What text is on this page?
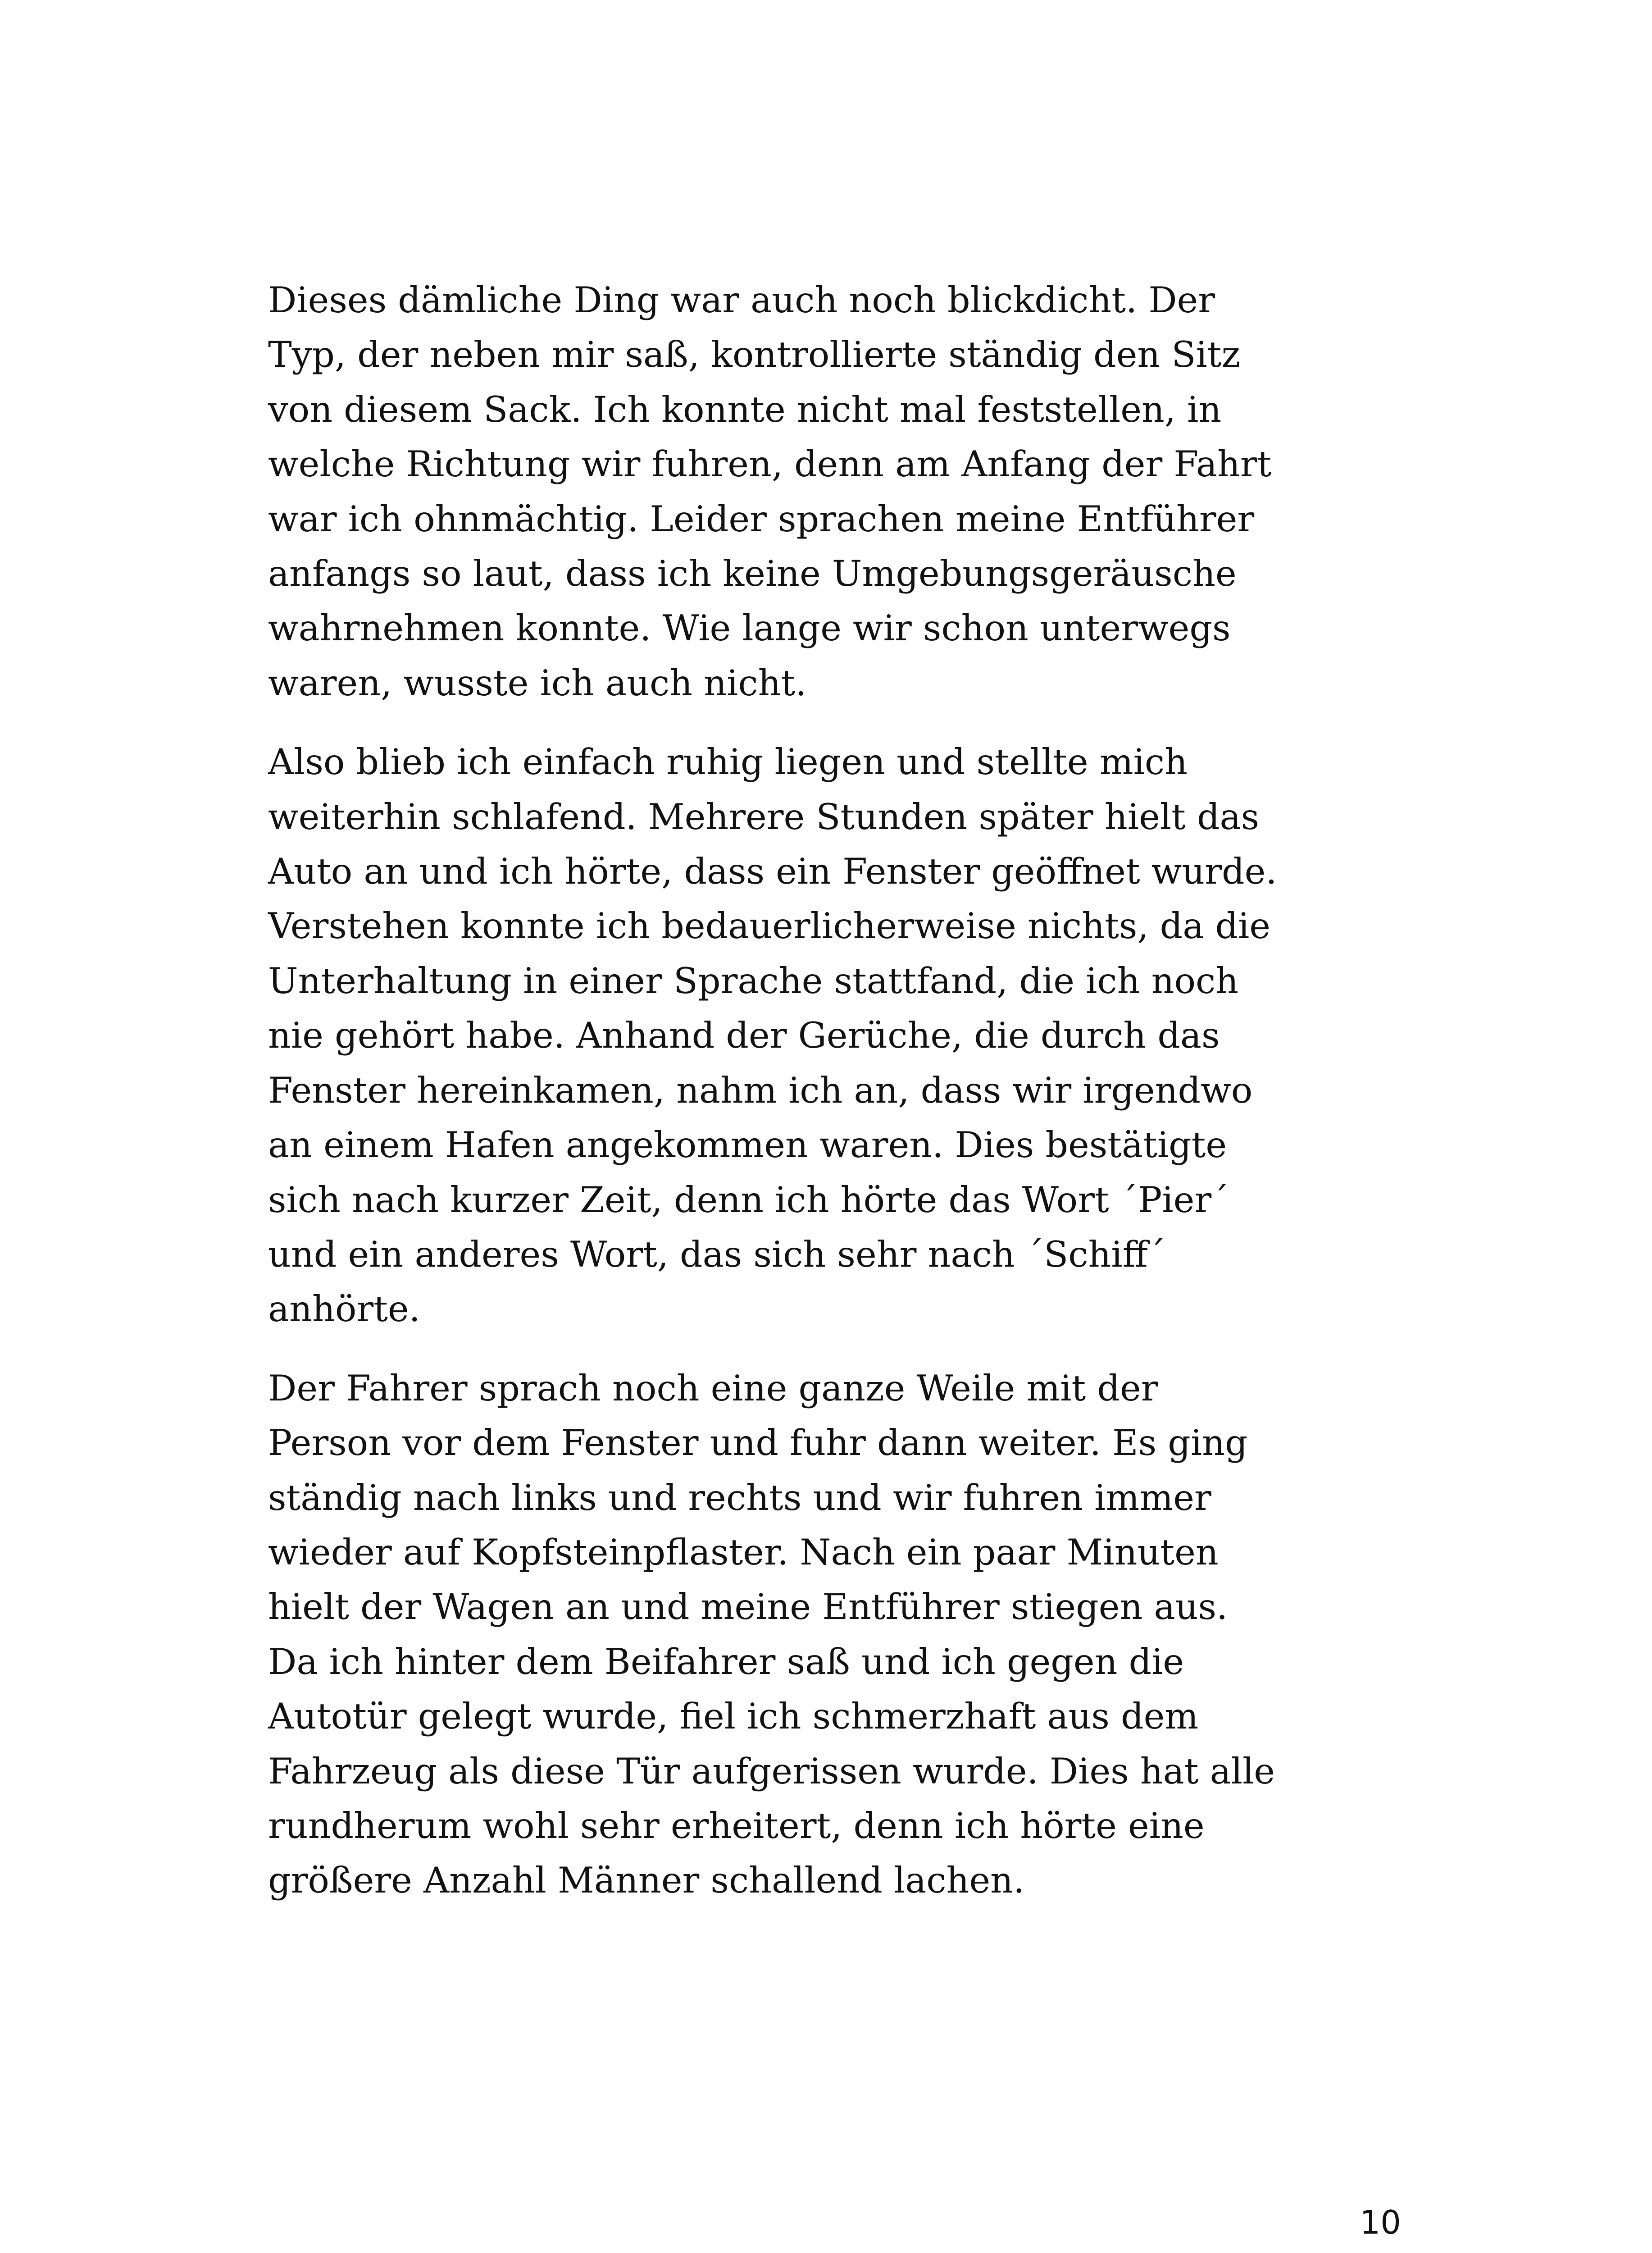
Dieses dämliche Ding war auch noch blickdicht. Der
Typ, der neben mir saß, kontrollierte ständig den Sitz
von diesem Sack. Ich konnte nicht mal feststellen, in
welche Richtung wir fuhren, denn am Anfang der Fahrt
war ich ohnmächtig. Leider sprachen meine Entführer
anfangs so laut, dass ich keine Umgebungsgeräusche
wahrnehmen konnte. Wie lange wir schon unterwegs
waren, wusste ich auch nicht.

Also blieb ich einfach ruhig liegen und stellte mich
weiterhin schlafend. Mehrere Stunden später hielt das
Auto an und ich hörte, dass ein Fenster geöffnet wurde.
Verstehen konnte ich bedauerlicherweise nichts, da die
Unterhaltung in einer Sprache stattfand, die ich noch
nie gehört habe. Anhand der Gerüche, die durch das
Fenster hereinkamen, nahm ich an, dass wir irgendwo
an einem Hafen angekommen waren. Dies bestätigte
sich nach kurzer Zeit, denn ich hörte das Wort ´Pier´
und ein anderes Wort, das sich sehr nach ´Schiff´
anhörte.

Der Fahrer sprach noch eine ganze Weile mit der
Person vor dem Fenster und fuhr dann weiter. Es ging
ständig nach links und rechts und wir fuhren immer
wieder auf Kopfsteinpflaster. Nach ein paar Minuten
hielt der Wagen an und meine Entführer stiegen aus.
Da ich hinter dem Beifahrer saß und ich gegen die
Autotür gelegt wurde, fiel ich schmerzhaft aus dem
Fahrzeug als diese Tür aufgerissen wurde. Dies hat alle
rundherum wohl sehr erheitert, denn ich hörte eine
größere Anzahl Männer schallend lachen.

10
